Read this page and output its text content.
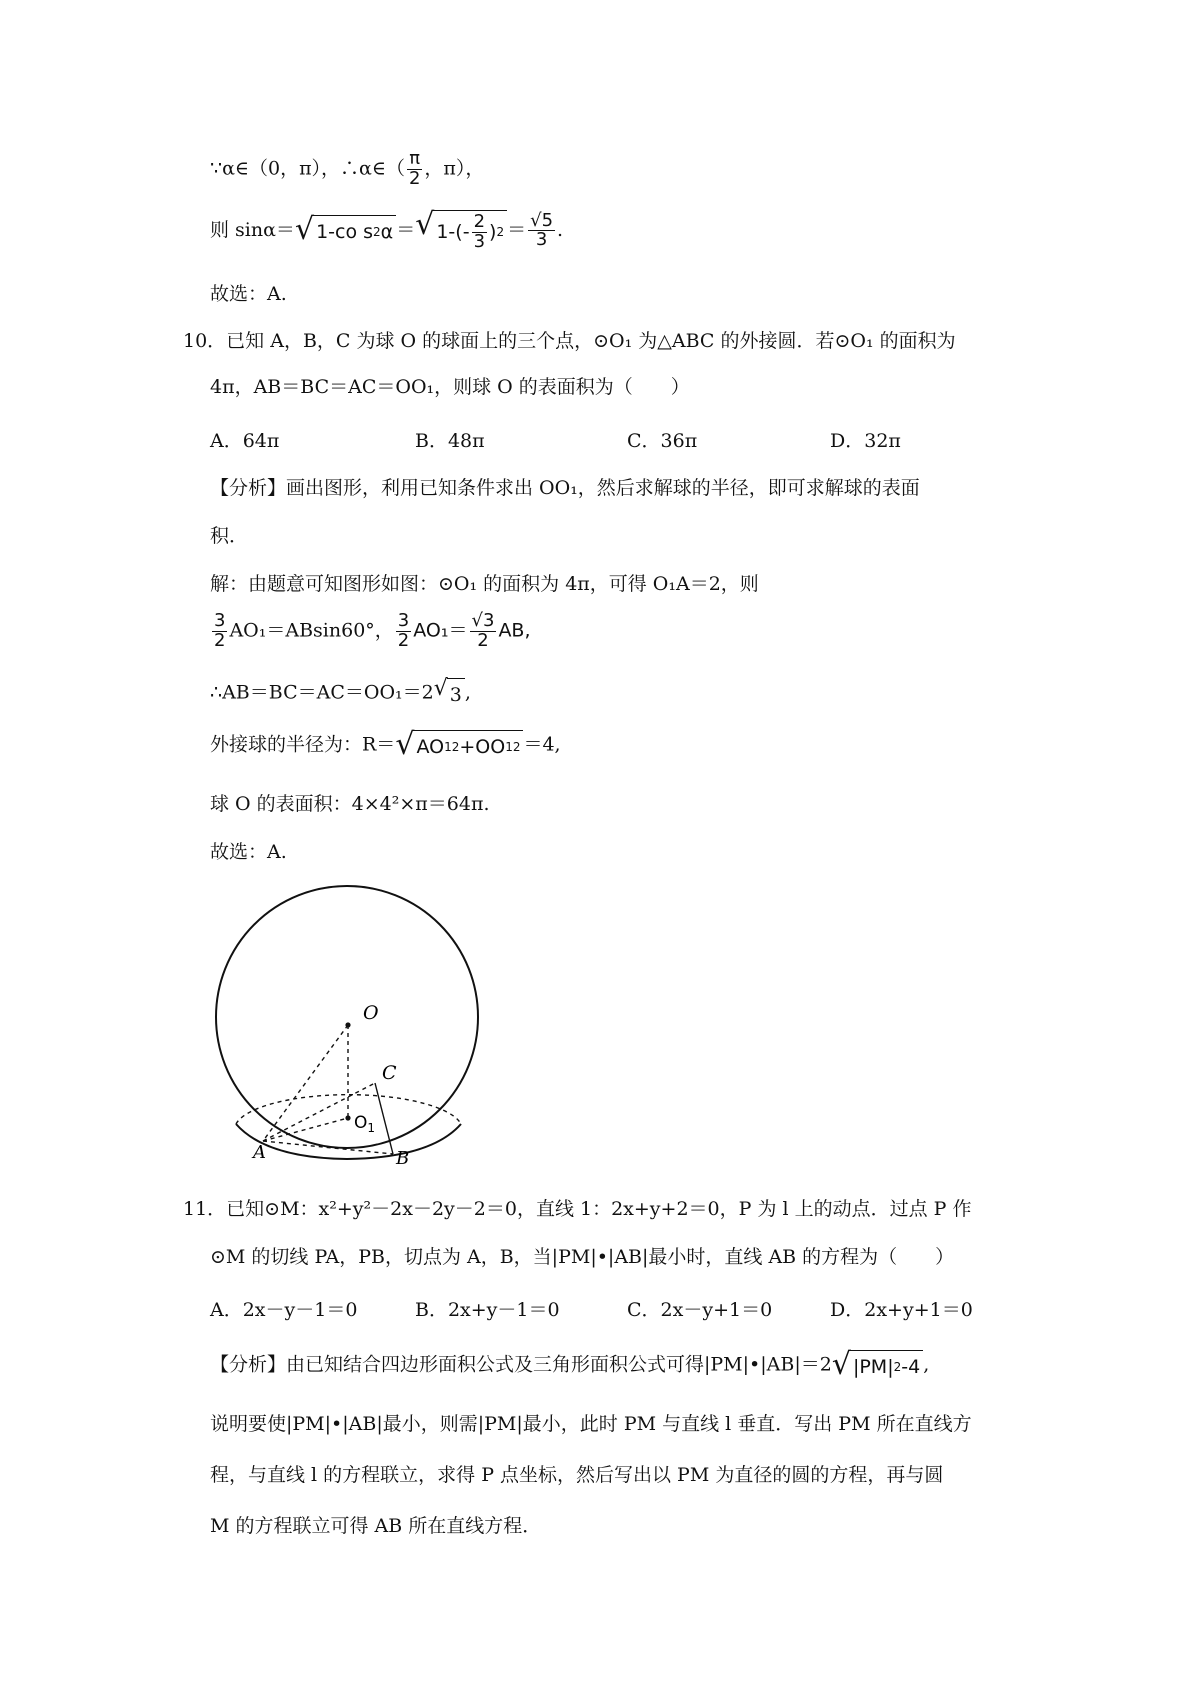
∵α∈（0，π），∴α∈（ $\frac{\pi}{2}$ ，π），
则 sinα＝ √ 1-co s 2 α ＝ √ $1-(- \frac{2}{3}$ ) $2 = \frac{√5}{3}$ .
故选：A.
10．已知 A，B，C 为球 O 的球面上的三个点，⊙O₁ 为△ABC 的外接圆．若⊙O₁ 的面积为
4π，AB＝BC＝AC＝OO₁，则球 O 的表面积为（　　）
A．64π	B．48π	C．36π	D．32π
【分析】画出图形，利用已知条件求出 OO₁，然后求解球的半径，即可求解球的表面
积．
解：由题意可知图形如图：⊙O₁ 的面积为 4π，可得 O₁A＝2，则
$\frac{3}{2} AO_1=ABsin60^\circ$， $\frac{3}{2} AO_1= \frac{√3}{2}$ AB,
∴AB＝BC＝AC＝OO₁＝2 √ 3 ,
外接球的半径为：R＝ √ AO 1 2 +OO 1 2 ＝4,
球 O 的表面积：4×4²×π＝64π.
故选：A.
O
C
$O_1$
A	B
11．已知⊙M：x²+y²－2x－2y－2＝0，直线 1：2x+y+2＝0，P 为 l 上的动点．过点 P 作
⊙M 的切线 PA，PB，切点为 A，B，当|PM|•|AB|最小时，直线 AB 的方程为（　　）
A．2x－y－1＝0	B．2x+y－1＝0	C．2x－y+1＝0	D．2x+y+1＝0
【分析】由已知结合四边形面积公式及三角形面积公式可得|PM|•|AB|＝2 √ |PM| 2 -4 ,
说明要使|PM|•|AB|最小，则需|PM|最小，此时 PM 与直线 l 垂直．写出 PM 所在直线方
程，与直线 l 的方程联立，求得 P 点坐标，然后写出以 PM 为直径的圆的方程，再与圆
M 的方程联立可得 AB 所在直线方程．
